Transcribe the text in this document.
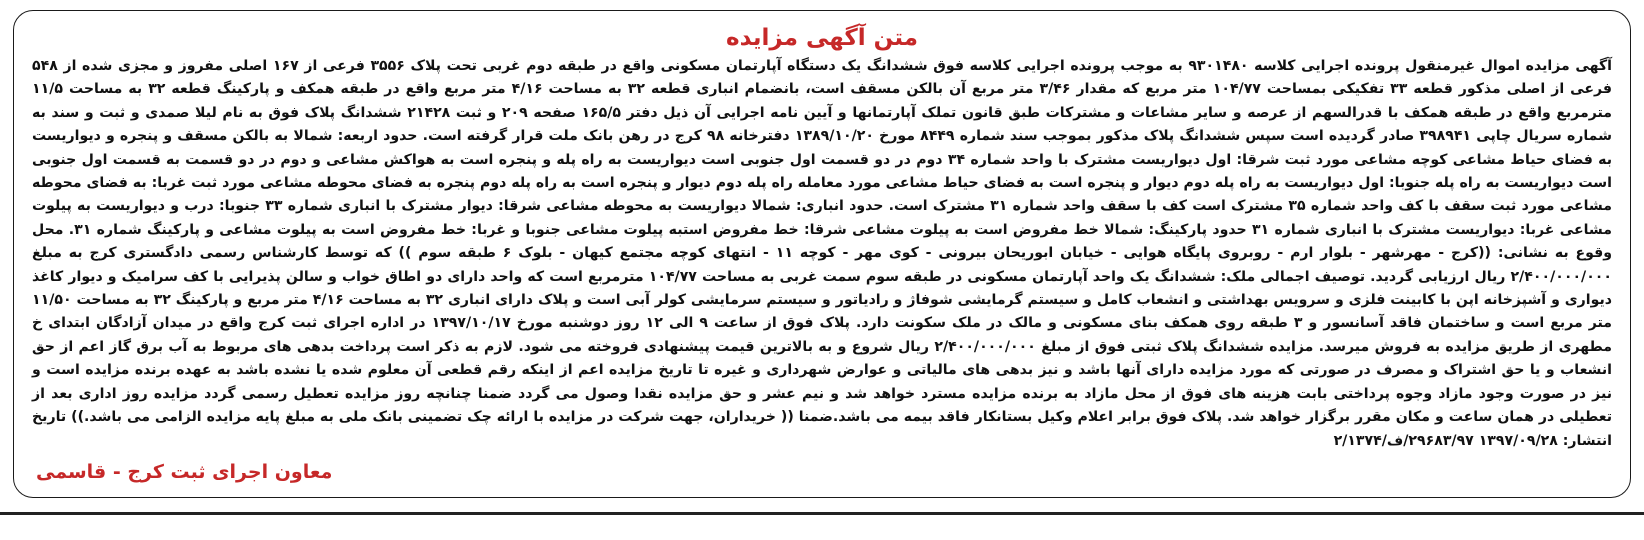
متن آگهی مزایده

آگهی مزایده اموال غیرمنقول پرونده اجرایی کلاسه ۹۳۰۱۴۸۰ به موجب پرونده اجرایی کلاسه فوق ششدانگ یک دستگاه آپارتمان مسکونی واقع در طبقه دوم غربی تحت پلاک ۳۵۵۶ فرعی از ۱۶۷ اصلی مفروز و مجزی شده از ۵۴۸ فرعی از اصلی مذکور قطعه ۳۳ تفکیکی بمساحت ۱۰۴/۷۷ متر مربع که مقدار ۳/۴۶ متر مربع آن بالکن مسقف است، بانضمام انباری قطعه ۳۲ به مساحت ۴/۱۶ متر مربع واقع در طبقه همکف و پارکینگ قطعه ۳۲ به مساحت ۱۱/۵ مترمربع واقع در طبقه همکف با قدرالسهم از عرصه و سایر مشاعات و مشترکات طبق قانون تملک آپارتمانها و آیین نامه اجرایی آن ذیل دفتر ۱۶۵/۵ صفحه ۲۰۹ و ثبت ۲۱۴۲۸ ششدانگ پلاک فوق به نام لیلا صمدی و ثبت و سند به شماره سریال چاپی ۳۹۸۹۴۱ صادر گردیده است سپس ششدانگ پلاک مذکور بموجب سند شماره ۸۴۴۹ مورخ ۱۳۸۹/۱۰/۲۰ دفترخانه ۹۸ کرج در رهن بانک ملت قرار گرفته است. حدود اربعه: شمالا به بالکن مسقف و پنجره و دیواریست به فضای حیاط مشاعی کوچه مشاعی مورد ثبت شرقا: اول دیواریست مشترک با واحد شماره ۳۴ دوم در دو قسمت اول جنوبی است دیواریست به راه پله و پنجره است به هواکش مشاعی و دوم در دو قسمت به قسمت اول جنوبی است دیواریست به راه پله جنوبا: اول دیواریست به راه پله دوم دیوار و پنجره است به فضای حیاط مشاعی مورد معامله راه پله دوم دیوار و پنجره است به راه پله دوم پنجره به فضای محوطه مشاعی مورد ثبت غربا: به فضای محوطه مشاعی مورد ثبت سقف با کف واحد شماره ۳۵ مشترک است کف با سقف واحد شماره ۳۱ مشترک است. حدود انباری: شمالا دیواریست به محوطه مشاعی شرقا: دیوار مشترک با انباری شماره ۳۳ جنوبا: درب و دیواریست به پیلوت مشاعی غربا: دیواریست مشترک با انباری شماره ۳۱ حدود پارکینگ: شمالا خط مفروض است به پیلوت مشاعی شرقا: خط مفروض استبه پیلوت مشاعی جنوبا و غربا: خط مفروض است به پیلوت مشاعی و پارکینگ شماره ۳۱. محل وقوع به نشانی: ((کرج - مهرشهر - بلوار ارم - روبروی پایگاه هوایی - خیابان ابوریحان بیرونی - کوی مهر - کوچه ۱۱ - انتهای کوچه مجتمع کیهان - بلوک ۶ طبقه سوم )) که توسط کارشناس رسمی دادگستری کرج به مبلغ ۲/۴۰۰/۰۰۰/۰۰۰ ریال ارزیابی گردید. توصیف اجمالی ملک: ششدانگ یک واحد آپارتمان مسکونی در طبقه سوم سمت غربی به مساحت ۱۰۴/۷۷ مترمربع است که واحد دارای دو اطاق خواب و سالن پذیرایی با کف سرامیک و دیوار کاغذ دیواری و آشپزخانه اپن با کابینت فلزی و سرویس بهداشتی و انشعاب کامل و سیستم گرمایشی شوفاژ و رادیاتور و سیستم سرمایشی کولر آبی است و پلاک دارای انباری ۳۲ به مساحت ۴/۱۶ متر مربع و پارکینگ ۳۲ به مساحت ۱۱/۵۰ متر مربع است و ساختمان فاقد آسانسور و ۳ طبقه روی همکف بنای مسکونی و مالک در ملک سکونت دارد. پلاک فوق از ساعت ۹ الی ۱۲ روز دوشنبه مورخ ۱۳۹۷/۱۰/۱۷ در اداره اجرای ثبت کرج واقع در میدان آزادگان ابتدای خ مطهری از طریق مزایده به فروش میرسد. مزایده ششدانگ پلاک ثبتی فوق از مبلغ ۲/۴۰۰/۰۰۰/۰۰۰ ریال شروع و به بالاترین قیمت پیشنهادی فروخته می شود. لازم به ذکر است پرداخت بدهی های مربوط به آب برق گاز اعم از حق انشعاب و یا حق اشتراک و مصرف در صورتی که مورد مزایده دارای آنها باشد و نیز بدهی های مالیاتی و عوارض شهرداری و غیره تا تاریخ مزایده اعم از اینکه رقم قطعی آن معلوم شده یا نشده باشد به عهده برنده مزایده است و نیز در صورت وجود مازاد وجوه پرداختی بابت هزینه های فوق از محل مازاد به برنده مزایده مسترد خواهد شد و نیم عشر و حق مزایده نقدا وصول می گردد ضمنا چنانچه روز مزایده تعطیل رسمی گردد مزایده روز اداری بعد از تعطیلی در همان ساعت و مکان مقرر برگزار خواهد شد. پلاک فوق برابر اعلام وکیل بستانکار فاقد بیمه می باشد.ضمنا (( خریداران، جهت شرکت در مزایده با ارائه چک تضمینی بانک ملی به مبلغ پایه مزایده الزامی می باشد.)) تاریخ انتشار: ۱۳۹۷/۰۹/۲۸ ۲۹۶۸۳/۹۷/ف/۲/۱۳۷۴

معاون اجرای ثبت کرج - قاسمی
